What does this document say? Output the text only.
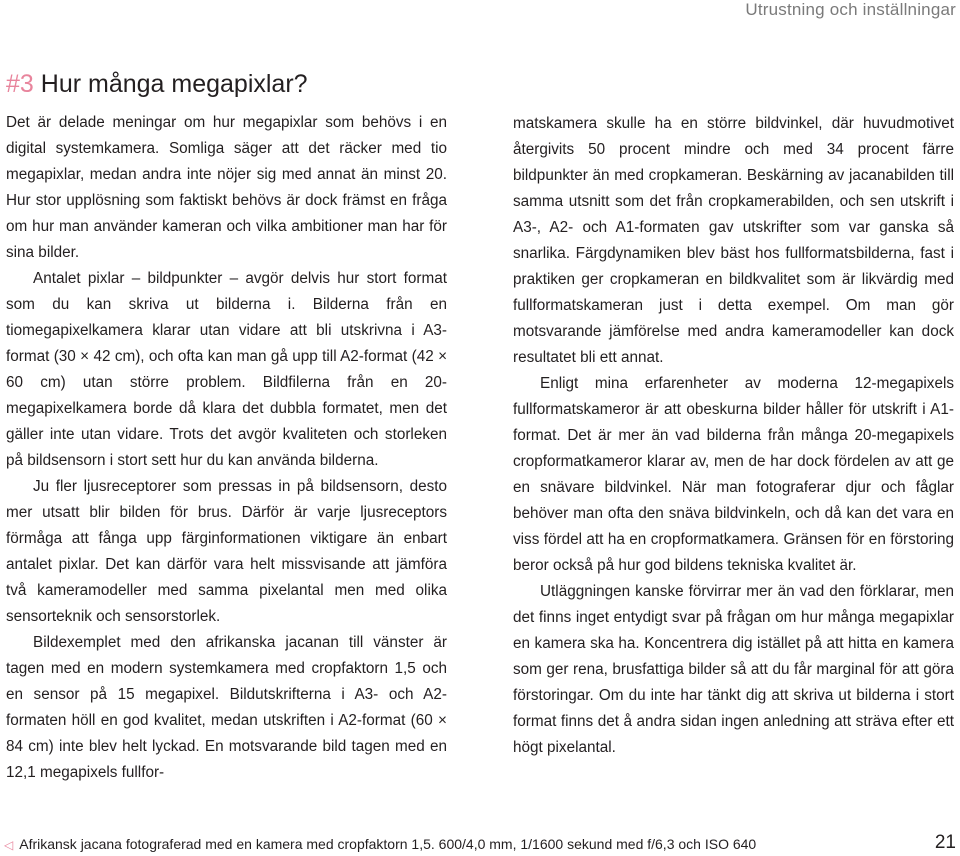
Utrustning och inställningar
#3 Hur många megapixlar?

Det är delade meningar om hur megapixlar som behövs i en digital systemkamera. Somliga säger att det räcker med tio megapixlar, medan andra inte nöjer sig med annat än minst 20. Hur stor upplösning som faktiskt behövs är dock främst en fråga om hur man använder kameran och vilka ambitioner man har för sina bilder.

Antalet pixlar – bildpunkter – avgör delvis hur stort format som du kan skriva ut bilderna i. Bilderna från en tiomegapixelkamera klarar utan vidare att bli utskrivna i A3-format (30 × 42 cm), och ofta kan man gå upp till A2-format (42 × 60 cm) utan större problem. Bildfilerna från en 20-megapixelkamera borde då klara det dubbla formatet, men det gäller inte utan vidare. Trots det avgör kvaliteten och storleken på bildsensorn i stort sett hur du kan använda bilderna.

Ju fler ljusreceptorer som pressas in på bildsensorn, desto mer utsatt blir bilden för brus. Därför är varje ljusreceptors förmåga att fånga upp färginformationen viktigare än enbart antalet pixlar. Det kan därför vara helt missvisande att jämföra två kameramodeller med samma pixelantal men med olika sensorteknik och sensorstorlek.

Bildexemplet med den afrikanska jacanan till vänster är tagen med en modern systemkamera med cropfaktorn 1,5 och en sensor på 15 megapixel. Bildutskrifterna i A3- och A2-formaten höll en god kvalitet, medan utskriften i A2-format (60 × 84 cm) inte blev helt lyckad. En motsvarande bild tagen med en 12,1 megapixels fullfor-

matskamera skulle ha en större bildvinkel, där huvudmotivet återgivits 50 procent mindre och med 34 procent färre bildpunkter än med cropkameran. Beskärning av jacanabilden till samma utsnitt som det från cropkamerabilden, och sen utskrift i A3-, A2- och A1-formaten gav utskrifter som var ganska så snarlika. Färgdynamiken blev bäst hos fullformatsbilderna, fast i praktiken ger cropkameran en bildkvalitet som är likvärdig med fullformatskameran just i detta exempel. Om man gör motsvarande jämförelse med andra kameramodeller kan dock resultatet bli ett annat.

Enligt mina erfarenheter av moderna 12-megapixels fullformatskameror är att obeskurna bilder håller för utskrift i A1-format. Det är mer än vad bilderna från många 20-megapixels cropformatkameror klarar av, men de har dock fördelen av att ge en snävare bildvinkel. När man fotograferar djur och fåglar behöver man ofta den snäva bildvinkeln, och då kan det vara en viss fördel att ha en cropformatkamera. Gränsen för en förstoring beror också på hur god bildens tekniska kvalitet är.

Utläggningen kanske förvirrar mer än vad den förklarar, men det finns inget entydigt svar på frågan om hur många megapixlar en kamera ska ha. Koncentrera dig istället på att hitta en kamera som ger rena, brusfattiga bilder så att du får marginal för att göra förstoringar. Om du inte har tänkt dig att skriva ut bilderna i stort format finns det å andra sidan ingen anledning att sträva efter ett högt pixelantal.

◁ Afrikansk jacana fotograferad med en kamera med cropfaktorn 1,5. 600/4,0 mm, 1/1600 sekund med f/6,3 och ISO 640	21
